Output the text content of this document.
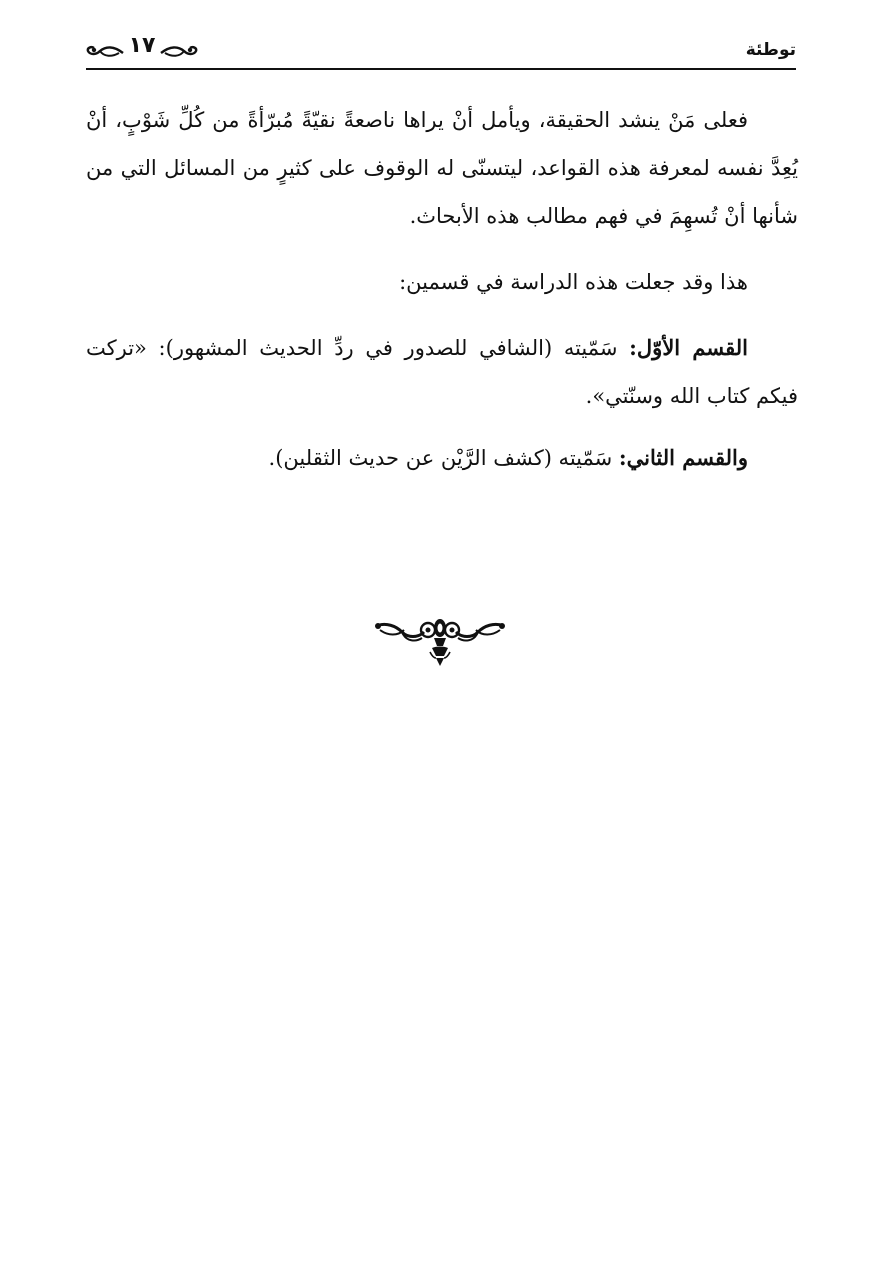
توطئة
١٧

فعلى مَنْ ينشد الحقيقة، ويأمل أنْ يراها ناصعةً نقيّةً مُبرّأةً من كُلِّ شَوْبٍ، أنْ يُعِدَّ نفسه لمعرفة هذه القواعد، ليتسنّى له الوقوف على كثيرٍ من المسائل التي من شأنها أنْ تُسهِمَ في فهم مطالب هذه الأبحاث.

هذا وقد جعلت هذه الدراسة في قسمين:

القسم الأوّل: سَمّيته (الشافي للصدور في ردِّ الحديث المشهور): «تركت فيكم كتاب الله وسنّتي».

والقسم الثاني: سَمّيته (كشف الرَّيْن عن حديث الثقلين).
